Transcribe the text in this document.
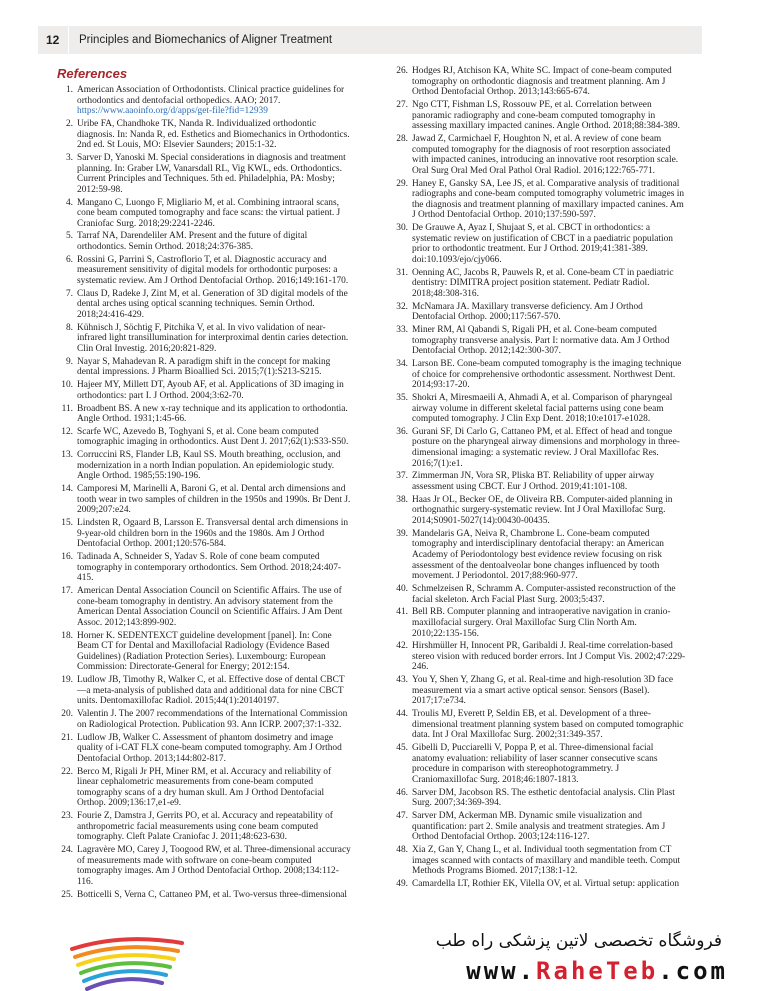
12	Principles and Biomechanics of Aligner Treatment
References

1. American Association of Orthodontists. Clinical practice guidelines for orthodontics and dentofacial orthopedics. AAO; 2017. https://www.aaoinfo.org/d/apps/get-file?fid=12939

2. Uribe FA, Chandhoke TK, Nanda R. Individualized orthodontic diagnosis. In: Nanda R, ed. Esthetics and Biomechanics in Orthodontics. 2nd ed. St Louis, MO: Elsevier Saunders; 2015:1-32.

3. Sarver D, Yanoski M. Special considerations in diagnosis and treatment planning. In: Graber LW, Vanarsdall RL, Vig KWL, eds. Orthodontics. Current Principles and Techniques. 5th ed. Philadelphia, PA: Mosby; 2012:59-98.

4. Mangano C, Luongo F, Migliario M, et al. Combining intraoral scans, cone beam computed tomography and face scans: the virtual patient. J Craniofac Surg. 2018;29:2241-2246.

5. Tarraf NA, Darendeliler AM. Present and the future of digital orthodontics. Semin Orthod. 2018;24:376-385.

6. Rossini G, Parrini S, Castroflorio T, et al. Diagnostic accuracy and measurement sensitivity of digital models for orthodontic purposes: a systematic review. Am J Orthod Dentofacial Orthop. 2016;149:161-170.

7. Claus D, Radeke J, Zint M, et al. Generation of 3D digital models of the dental arches using optical scanning techniques. Semin Orthod. 2018;24:416-429.

8. Kühnisch J, Söchtig F, Pitchika V, et al. In vivo validation of near-infrared light transillumination for interproximal dentin caries detection. Clin Oral Investig. 2016;20:821-829.

9. Nayar S, Mahadevan R. A paradigm shift in the concept for making dental impressions. J Pharm Bioallied Sci. 2015;7(1):S213-S215.

10. Hajeer MY, Millett DT, Ayoub AF, et al. Applications of 3D imaging in orthodontics: part I. J Orthod. 2004;3:62-70.

11. Broadbent BS. A new x-ray technique and its application to orthodontia. Angle Orthod. 1931;1:45-66.

12. Scarfe WC, Azevedo B, Toghyani S, et al. Cone beam computed tomographic imaging in orthodontics. Aust Dent J. 2017;62(1):S33-S50.

13. Corruccini RS, Flander LB, Kaul SS. Mouth breathing, occlusion, and modernization in a north Indian population. An epidemiologic study. Angle Orthod. 1985;55:190-196.

14. Camporesi M, Marinelli A, Baroni G, et al. Dental arch dimensions and tooth wear in two samples of children in the 1950s and 1990s. Br Dent J. 2009;207:e24.

15. Lindsten R, Ogaard B, Larsson E. Transversal dental arch dimensions in 9-year-old children born in the 1960s and the 1980s. Am J Orthod Dentofacial Orthop. 2001;120:576-584.

16. Tadinada A, Schneider S, Yadav S. Role of cone beam computed tomography in contemporary orthodontics. Sem Orthod. 2018;24:407-415.

17. American Dental Association Council on Scientific Affairs. The use of cone-beam tomography in dentistry. An advisory statement from the American Dental Association Council on Scientific Affairs. J Am Dent Assoc. 2012;143:899-902.

18. Horner K. SEDENTEXCT guideline development [panel]. In: Cone Beam CT for Dental and Maxillofacial Radiology (Evidence Based Guidelines) (Radiation Protection Series). Luxembourg: European Commission: Directorate-General for Energy; 2012:154.

19. Ludlow JB, Timothy R, Walker C, et al. Effective dose of dental CBCT—a meta-analysis of published data and additional data for nine CBCT units. Dentomaxillofac Radiol. 2015;44(1):20140197.

20. Valentin J. The 2007 recommendations of the International Commission on Radiological Protection. Publication 93. Ann ICRP. 2007;37:1-332.

21. Ludlow JB, Walker C. Assessment of phantom dosimetry and image quality of i-CAT FLX cone-beam computed tomography. Am J Orthod Dentofacial Orthop. 2013;144:802-817.

22. Berco M, Rigali Jr PH, Miner RM, et al. Accuracy and reliability of linear cephalometric measurements from cone-beam computed tomography scans of a dry human skull. Am J Orthod Dentofacial Orthop. 2009;136:17,e1-e9.

23. Fourie Z, Damstra J, Gerrits PO, et al. Accuracy and repeatability of anthropometric facial measurements using cone beam computed tomography. Cleft Palate Craniofac J. 2011;48:623-630.

24. Lagravère MO, Carey J, Toogood RW, et al. Three-dimensional accuracy of measurements made with software on cone-beam computed tomography images. Am J Orthod Dentofacial Orthop. 2008;134:112-116.

25. Botticelli S, Verna C, Cattaneo PM, et al. Two-versus three-dimensional

26. Hodges RJ, Atchison KA, White SC. Impact of cone-beam computed tomography on orthodontic diagnosis and treatment planning. Am J Orthod Dentofacial Orthop. 2013;143:665-674.

27. Ngo CTT, Fishman LS, Rossouw PE, et al. Correlation between panoramic radiography and cone-beam computed tomography in assessing maxillary impacted canines. Angle Orthod. 2018;88:384-389.

28. Jawad Z, Carmichael F, Houghton N, et al. A review of cone beam computed tomography for the diagnosis of root resorption associated with impacted canines, introducing an innovative root resorption scale. Oral Surg Oral Med Oral Pathol Oral Radiol. 2016;122:765-771.

29. Haney E, Gansky SA, Lee JS, et al. Comparative analysis of traditional radiographs and cone-beam computed tomography volumetric images in the diagnosis and treatment planning of maxillary impacted canines. Am J Orthod Dentofacial Orthop. 2010;137:590-597.

30. De Grauwe A, Ayaz I, Shujaat S, et al. CBCT in orthodontics: a systematic review on justification of CBCT in a paediatric population prior to orthodontic treatment. Eur J Orthod. 2019;41:381-389. doi:10.1093/ejo/cjy066.

31. Oenning AC, Jacobs R, Pauwels R, et al. Cone-beam CT in paediatric dentistry: DIMITRA project position statement. Pediatr Radiol. 2018;48:308-316.

32. McNamara JA. Maxillary transverse deficiency. Am J Orthod Dentofacial Orthop. 2000;117:567-570.

33. Miner RM, Al Qabandi S, Rigali PH, et al. Cone-beam computed tomography transverse analysis. Part I: normative data. Am J Orthod Dentofacial Orthop. 2012;142:300-307.

34. Larson BE. Cone-beam computed tomography is the imaging technique of choice for comprehensive orthodontic assessment. Northwest Dent. 2014;93:17-20.

35. Shokri A, Miresmaeili A, Ahmadi A, et al. Comparison of pharyngeal airway volume in different skeletal facial patterns using cone beam computed tomography. J Clin Exp Dent. 2018;10:e1017-e1028.

36. Gurani SF, Di Carlo G, Cattaneo PM, et al. Effect of head and tongue posture on the pharyngeal airway dimensions and morphology in three-dimensional imaging: a systematic review. J Oral Maxillofac Res. 2016;7(1):e1.

37. Zimmerman JN, Vora SR, Pliska BT. Reliability of upper airway assessment using CBCT. Eur J Orthod. 2019;41:101-108.

38. Haas Jr OL, Becker OE, de Oliveira RB. Computer-aided planning in orthognathic surgery-systematic review. Int J Oral Maxillofac Surg. 2014;S0901-5027(14):00430-00435.

39. Mandelaris GA, Neiva R, Chambrone L. Cone-beam computed tomography and interdisciplinary dentofacial therapy: an American Academy of Periodontology best evidence review focusing on risk assessment of the dentoalveolar bone changes influenced by tooth movement. J Periodontol. 2017;88:960-977.

40. Schmelzeisen R, Schramm A. Computer-assisted reconstruction of the facial skeleton. Arch Facial Plast Surg. 2003;5:437.

41. Bell RB. Computer planning and intraoperative navigation in cranio-maxillofacial surgery. Oral Maxillofac Surg Clin North Am. 2010;22:135-156.

42. Hirshmüller H, Innocent PR, Garibaldi J. Real-time correlation-based stereo vision with reduced border errors. Int J Comput Vis. 2002;47:229-246.

43. You Y, Shen Y, Zhang G, et al. Real-time and high-resolution 3D face measurement via a smart active optical sensor. Sensors (Basel). 2017;17:e734.

44. Troulis MJ, Everett P, Seldin EB, et al. Development of a three-dimensional treatment planning system based on computed tomographic data. Int J Oral Maxillofac Surg. 2002;31:349-357.

45. Gibelli D, Pucciarelli V, Poppa P, et al. Three-dimensional facial anatomy evaluation: reliability of laser scanner consecutive scans procedure in comparison with stereophotogrammetry. J Craniomaxillofac Surg. 2018;46:1807-1813.

46. Sarver DM, Jacobson RS. The esthetic dentofacial analysis. Clin Plast Surg. 2007;34:369-394.

47. Sarver DM, Ackerman MB. Dynamic smile visualization and quantification: part 2. Smile analysis and treatment strategies. Am J Orthod Dentofacial Orthop. 2003;124:116-127.

48. Xia Z, Gan Y, Chang L, et al. Individual tooth segmentation from CT images scanned with contacts of maxillary and mandible teeth. Comput Methods Programs Biomed. 2017;138:1-12.

49. Camardella LT, Rothier EK, Vilella OV, et al. Virtual setup: application

فروشگاه تخصصی لاتین پزشکی راه طب
www.RaheTeb.com
